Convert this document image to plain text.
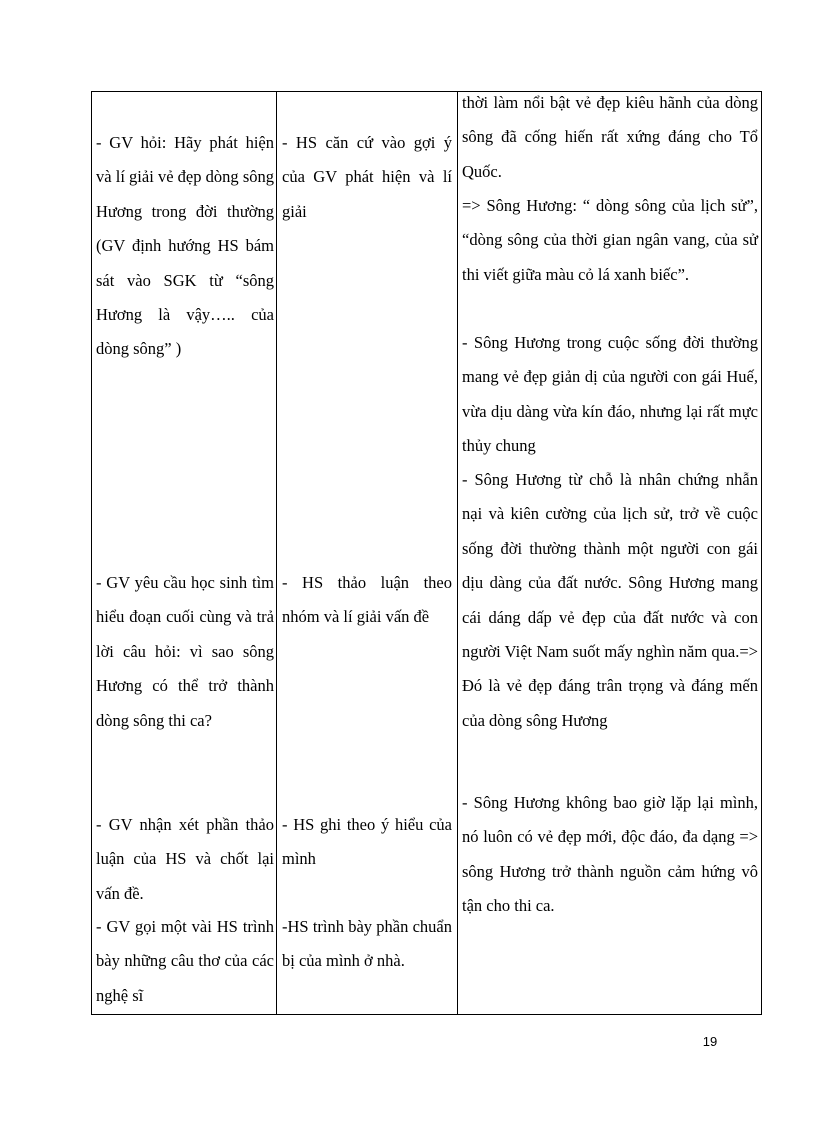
- GV hỏi: Hãy phát hiện và lí giải vẻ đẹp dòng sông Hương trong đời thường (GV định hướng HS bám sát vào SGK từ “sông Hương là vậy….. của dòng sông” )

- GV yêu cầu học sinh tìm hiểu đoạn cuối cùng và trả lời câu hỏi: vì sao sông Hương có thể trở thành dòng sông thi ca?

- GV nhận xét phần thảo luận của HS và chốt lại vấn đề.

- GV gọi một vài HS trình bày những câu thơ của các nghệ sĩ

- HS căn cứ vào gợi ý của GV phát hiện và lí giải

- HS thảo luận theo nhóm và lí giải vấn đề

- HS ghi theo ý hiểu của mình

-HS trình bày phần chuẩn bị của mình ở nhà.

thời làm nổi bật vẻ đẹp kiêu hãnh của dòng sông đã cống hiến rất xứng đáng cho Tổ Quốc.

=> Sông Hương: “ dòng sông của lịch sử”, “dòng sông của thời gian ngân vang, của sử thi viết giữa màu cỏ lá xanh biếc”.

- Sông Hương trong cuộc sống đời thường mang vẻ đẹp giản dị của người con gái Huế, vừa dịu dàng vừa kín đáo, nhưng lại rất mực thủy chung

- Sông Hương từ chỗ là nhân chứng nhẫn nại và kiên cường của lịch sử, trở về cuộc sống đời thường thành một người con gái dịu dàng của đất nước. Sông Hương mang cái dáng dấp vẻ đẹp của đất nước và con người Việt Nam suốt mấy nghìn năm qua.=> Đó là vẻ đẹp đáng trân trọng và đáng mến của dòng sông Hương

- Sông Hương không bao giờ lặp lại mình, nó luôn có vẻ đẹp mới, độc đáo, đa dạng => sông Hương trở thành nguồn cảm hứng vô tận cho thi ca.

19
